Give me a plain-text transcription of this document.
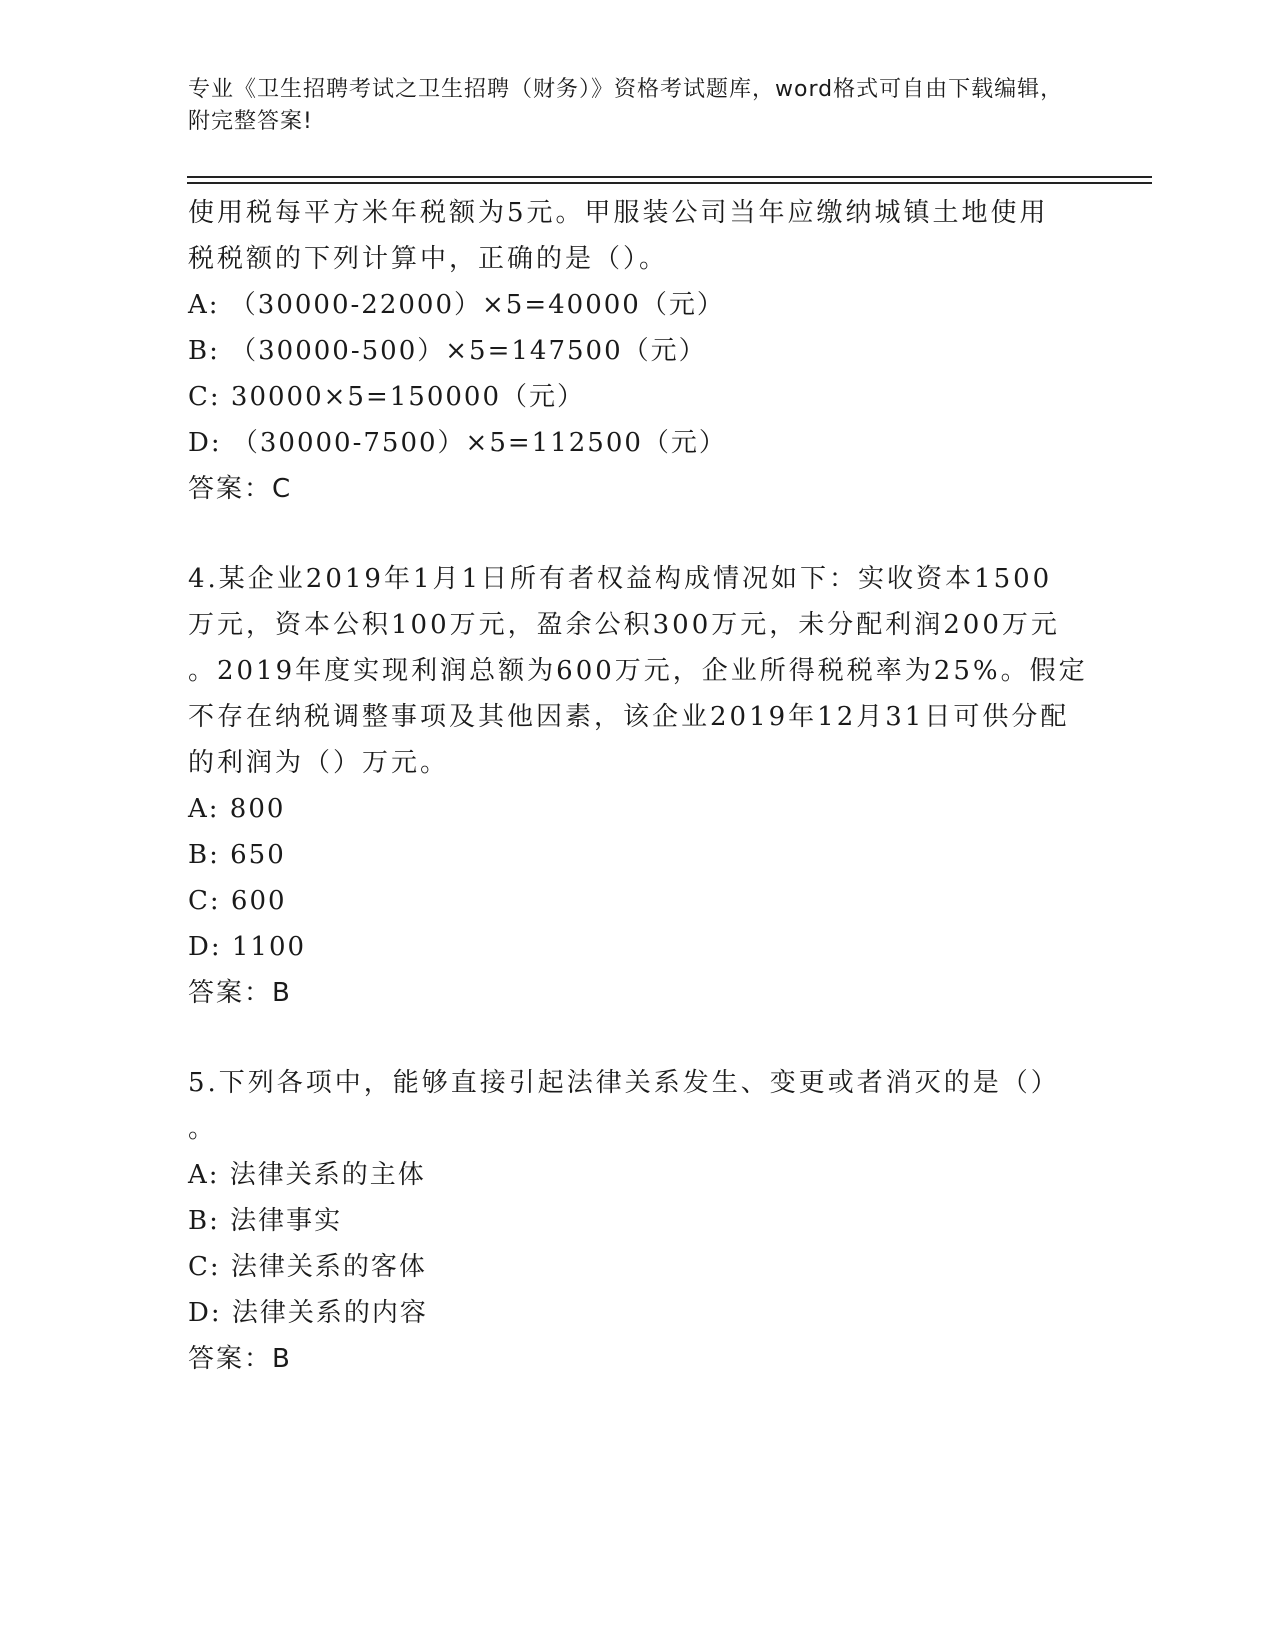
专业《卫生招聘考试之卫生招聘（财务）》资格考试题库，word格式可自由下载编辑，附完整答案!

使用税每平方米年税额为5元。甲服装公司当年应缴纳城镇土地使用

税税额的下列计算中，正确的是（）。

A: （30000-22000）×5=40000（元）

B: （30000-500）×5=147500（元）

C: 30000×5=150000（元）

D: （30000-7500）×5=112500（元）

答案：C

4.某企业2019年1月1日所有者权益构成情况如下：实收资本1500

万元，资本公积100万元，盈余公积300万元，未分配利润200万元

。2019年度实现利润总额为600万元，企业所得税税率为25%。假定

不存在纳税调整事项及其他因素，该企业2019年12月31日可供分配

的利润为（）万元。

A: 800

B: 650

C: 600

D: 1100

答案：B

5.下列各项中，能够直接引起法律关系发生、变更或者消灭的是（）

。

A: 法律关系的主体

B: 法律事实

C: 法律关系的客体

D: 法律关系的内容

答案：B
